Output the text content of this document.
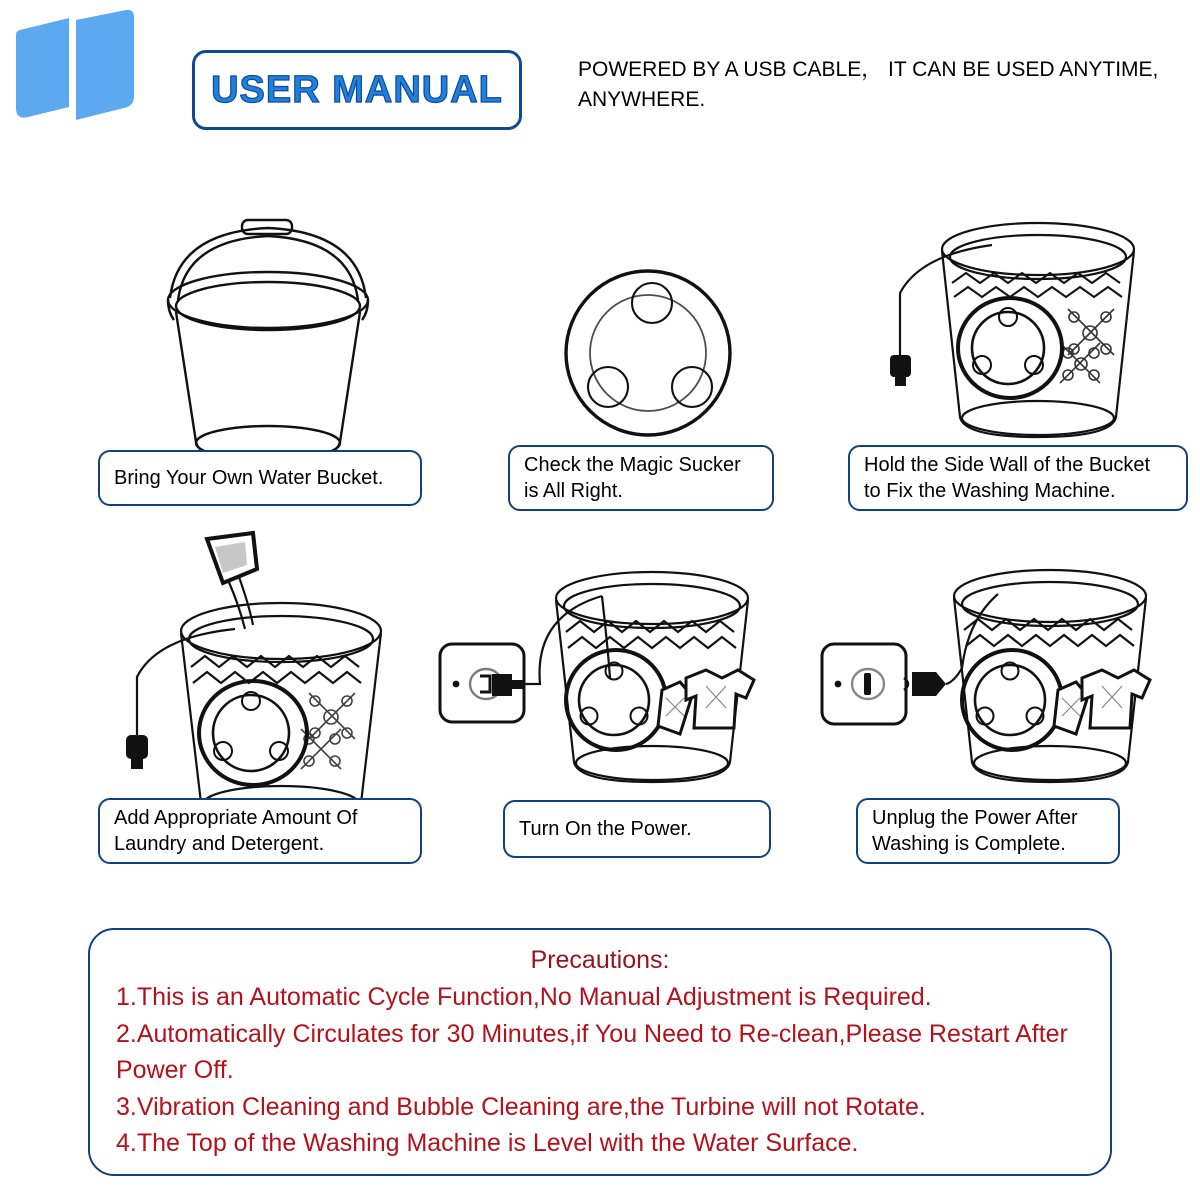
USER MANUAL	POWERED BY A USB CABLE， IT CAN BE USED ANYTIME, ANYWHERE.
Bring Your Own Water Bucket.
Check the Magic Sucker is All Right.
Hold the Side Wall of the Bucket to Fix the Washing Machine.
Add Appropriate Amount Of Laundry and Detergent.
Turn On the Power.	Unplug the Power After Washing is Complete.
Precautions:

1.This is an Automatic Cycle Function,No Manual Adjustment is Required.

2.Automatically Circulates for 30 Minutes,if You Need to Re-clean,Please Restart After Power Off.

3.Vibration Cleaning and Bubble Cleaning are,the Turbine will not Rotate.

4.The Top of the Washing Machine is Level with the Water Surface.
